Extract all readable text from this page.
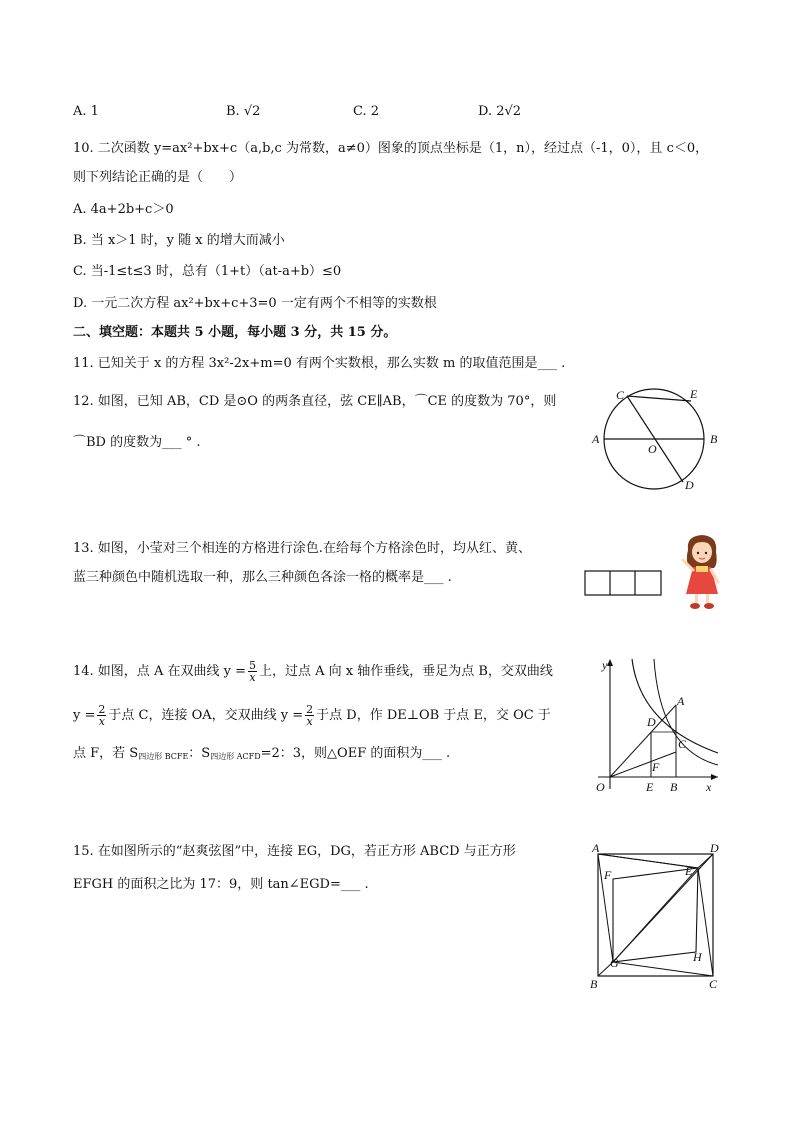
A. 1	B. √2	C. 2	D. 2√2
10. 二次函数 y=ax²+bx+c（a,b,c 为常数，a≠0）图象的顶点坐标是（1，n），经过点（-1，0），且 c＜0，
则下列结论正确的是（　　）
A. 4a+2b+c＞0
B. 当 x＞1 时，y 随 x 的增大而减小
C. 当-1≤t≤3 时，总有（1+t）（at-a+b）≤0
D. 一元二次方程 ax²+bx+c+3=0 一定有两个不相等的实数根
二、填空题：本题共 5 小题，每小题 3 分，共 15 分。
11. 已知关于 x 的方程 3x²-2x+m=0 有两个实数根，那么实数 m 的取值范围是___ .
12. 如图，已知 AB，CD 是⊙O 的两条直径，弦 CE∥AB，⌒CE 的度数为 70°，则
⌒BD 的度数为___ ° .	A	B
C
D
E
O
13. 如图，小莹对三个相连的方格进行涂色.在给每个方格涂色时，均从红、黄、
蓝三种颜色中随机选取一种，那么三种颜色各涂一格的概率是___ .
14. 如图，点 A 在双曲线 $y = \frac{5}{x}$ 上，过点 A 向 x 轴作垂线，垂足为点 B，交双曲线
$y = \frac{2}{x}$ 于点 C，连接 OA，交双曲线 $y = \frac{2}{x}$ 于点 D，作 DE⊥OB 于点 E，交 OC 于
点 F，若 $S_{四边形 BCFE}$：$S_{四边形 ACFD}=2$：3，则△OEF 的面积为___ .
y
x
O
A
B
C
D
E
F
15. 在如图所示的“赵爽弦图”中，连接 EG，DG，若正方形 ABCD 与正方形
EFGH 的面积之比为 17：9，则 tan∠EGD=___ .
A
B	C
D
E
F
G	H
